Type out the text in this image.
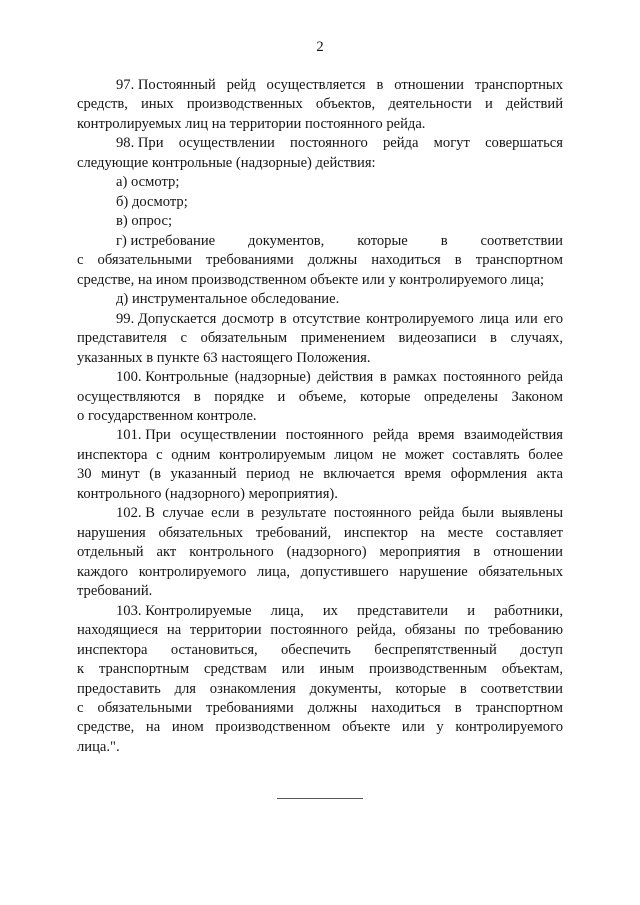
2
97. Постоянный рейд осуществляется в отношении транспортных
средств, иных производственных объектов, деятельности и действий
контролируемых лиц на территории постоянного рейда.
98. При осуществлении постоянного рейда могут совершаться
следующие контрольные (надзорные) действия:
а) осмотр;
б) досмотр;
в) опрос;
г) истребование документов, которые в соответствии
с обязательными требованиями должны находиться в транспортном
средстве, на ином производственном объекте или у контролируемого лица;
д) инструментальное обследование.
99. Допускается досмотр в отсутствие контролируемого лица или его
представителя с обязательным применением видеозаписи в случаях,
указанных в пункте 63 настоящего Положения.
100. Контрольные (надзорные) действия в рамках постоянного рейда
осуществляются в порядке и объеме, которые определены Законом
о государственном контроле.
101. При осуществлении постоянного рейда время взаимодействия
инспектора с одним контролируемым лицом не может составлять более
30 минут (в указанный период не включается время оформления акта
контрольного (надзорного) мероприятия).
102. В случае если в результате постоянного рейда были выявлены
нарушения обязательных требований, инспектор на месте составляет
отдельный акт контрольного (надзорного) мероприятия в отношении
каждого контролируемого лица, допустившего нарушение обязательных
требований.
103. Контролируемые лица, их представители и работники,
находящиеся на территории постоянного рейда, обязаны по требованию
инспектора остановиться, обеспечить беспрепятственный доступ
к транспортным средствам или иным производственным объектам,
предоставить для ознакомления документы, которые в соответствии
с обязательными требованиями должны находиться в транспортном
средстве, на ином производственном объекте или у контролируемого
лица.".
